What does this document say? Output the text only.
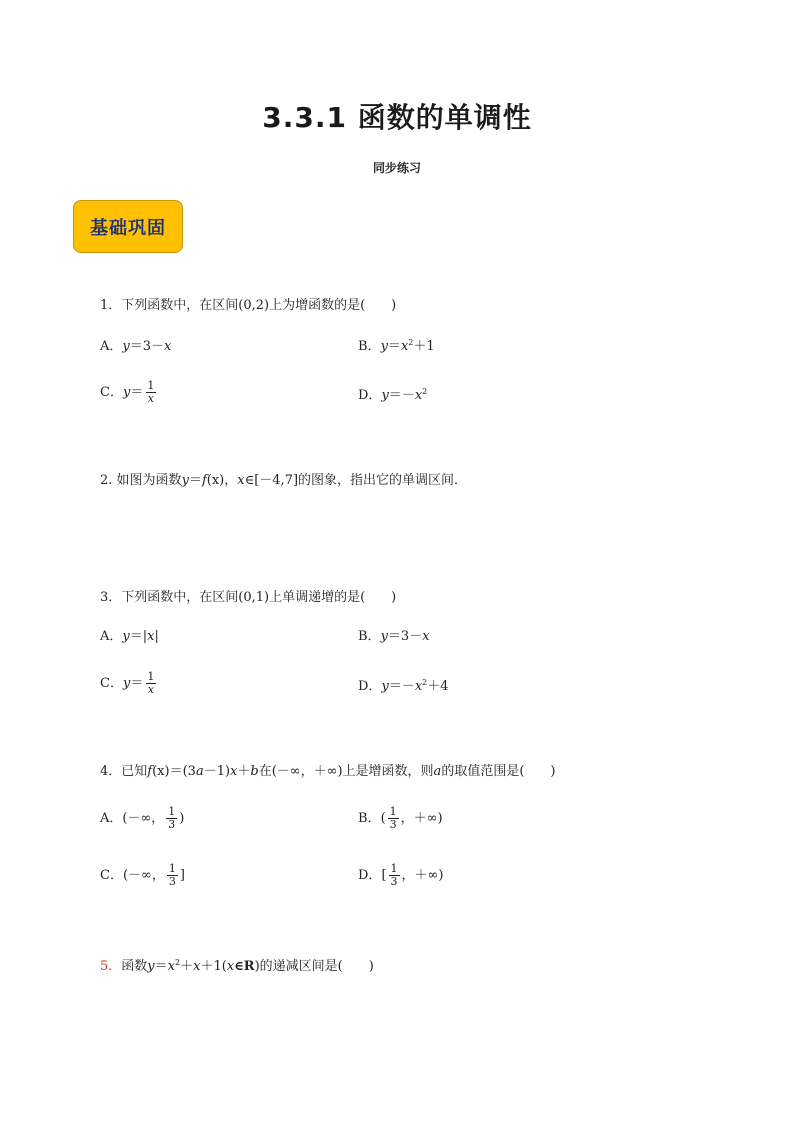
3.3.1 函数的单调性
同步练习
基础巩固
1．下列函数中，在区间(0,2)上为增函数的是(　　)
A．y＝3－x	B．$y=x^2+1$
C．$y= \frac{1}{x}$	D．$y=-x^2$
2. 如图为函数y＝f(x)，x∈[－4,7]的图象，指出它的单调区间．
3．下列函数中，在区间(0,1)上单调递增的是(　　)
A．y＝|x|	B．y＝3－x
C．$y= \frac{1}{x}$	D．$y=-x^2+4$
4．已知f(x)＝(3a－1)x＋b在(－∞，＋∞)上是增函数，则a的取值范围是(　　)
A．(－∞， $\frac{1}{3}$ )	B．( $\frac{1}{3}$ ，＋∞)
C．(－∞， $\frac{1}{3}$ ]	D．[ $\frac{1}{3}$ ，＋∞)
5．函数$y=x^2+x+1(x\in R)$的递减区间是(　　)
